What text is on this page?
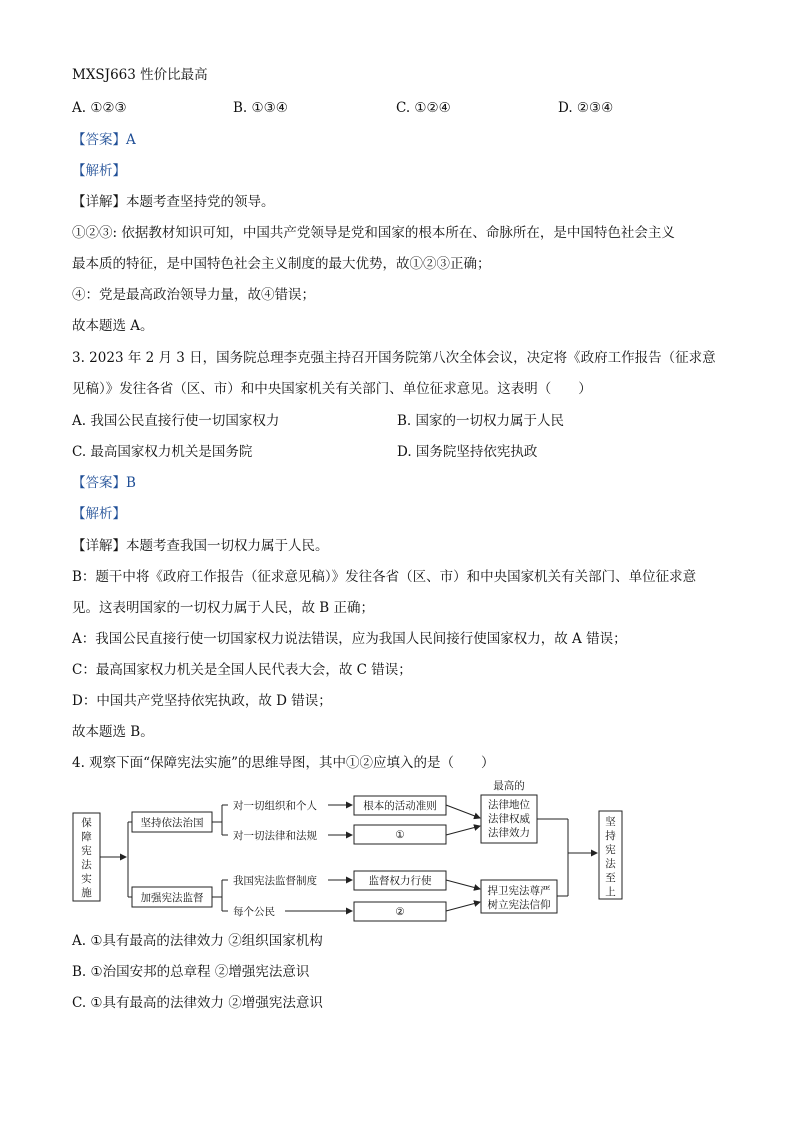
MXSJ663 性价比最高
A. ①②③	B. ①③④	C. ①②④	D. ②③④
【答案】A
【解析】
【详解】本题考查坚持党的领导。
①②③: 依据教材知识可知，中国共产党领导是党和国家的根本所在、命脉所在，是中国特色社会主义
最本质的特征，是中国特色社会主义制度的最大优势，故①②③正确；
④：党是最高政治领导力量，故④错误；
故本题选 A。
3. 2023 年 2 月 3 日，国务院总理李克强主持召开国务院第八次全体会议，决定将《政府工作报告（征求意
见稿）》发往各省（区、市）和中央国家机关有关部门、单位征求意见。这表明（　　）
A. 我国公民直接行使一切国家权力	B. 国家的一切权力属于人民
C. 最高国家权力机关是国务院	D. 国务院坚持依宪执政
【答案】B
【解析】
【详解】本题考查我国一切权力属于人民。
B：题干中将《政府工作报告（征求意见稿）》发往各省（区、市）和中央国家机关有关部门、单位征求意
见。这表明国家的一切权力属于人民，故 B 正确；
A：我国公民直接行使一切国家权力说法错误，应为我国人民间接行使国家权力，故 A 错误；
C：最高国家权力机关是全国人民代表大会，故 C 错误；
D：中国共产党坚持依宪执政，故 D 错误；
故本题选 B。
4. 观察下面“保障宪法实施”的思维导图，其中①②应填入的是（　　）
保
障
宪
法
实
施
坚持依法治国
加强宪法监督
对一切组织和个人
对一切法律和法规
根本的活动准则
①
最高的
法律地位
法律权威
法律效力
我国宪法监督制度
每个公民
监督权力行使
②
捍卫宪法尊严
树立宪法信仰
坚
持
宪
法
至
上
A. ①具有最高的法律效力 ②组织国家机构
B. ①治国安邦的总章程 ②增强宪法意识
C. ①具有最高的法律效力 ②增强宪法意识
